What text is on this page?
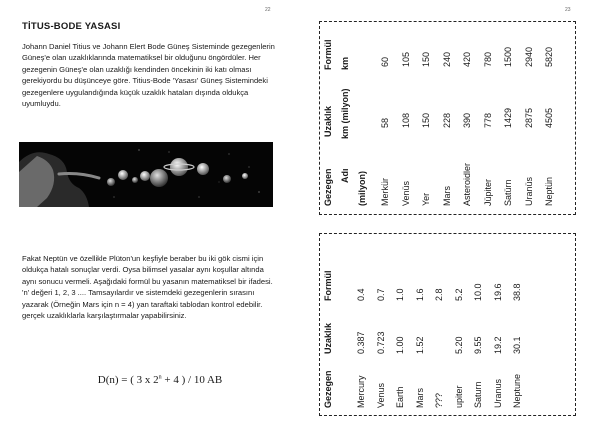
22	23
TİTUS-BODE YASASI

Johann Daniel Titius ve Johann Elert Bode Güneş Sisteminde gezegenlerin Güneş'e olan uzaklıklarında matematiksel bir olduğunu öngördüler. Her gezegenin Güneş'e olan uzaklığı kendinden öncekinin iki katı olması gerekiyordu bu düşünceye göre. Titius-Bode 'Yasası' Güneş Sistemindeki gezegenlere uygulandığında küçük uzaklık hataları dışında oldukça uyumluydu.

Fakat Neptün ve özellikle Plüton'un keşfiyle beraber bu iki gök cismi için oldukça hatalı sonuçlar verdi. Oysa bilimsel yasalar aynı koşullar altında aynı sonucu vermeli. Aşağıdaki formül bu yasanın matematiksel bir ifadesi. 'n' değeri 1, 2, 3 .... Tamsayılardır ve sistemdeki gezegenlerin sırasını yazarak (Örneğin Mars için n = 4) yan taraftaki tablodan kontrol edebilir. gerçek uzaklıklarla karşılaştırmalar yapabilirsiniz.

D(n) = ( 3 x $2^n + 4$ ) / 10 AB
Gezegen Adı (milyon)
Uzaklık km (milyon)
Formül km
Merkür
58
60
Venüs
108
105
Yer
150
150
Mars
228
240
Asteroidler
390
420
Jüpiter
778
780
Satürn
1429
1500
Uranüs
2875
2940
Neptün
4505
5820
Gezegen
Uzaklık
Formül
Mercury
0.387
0.4
Venus
0.723
0.7
Earth
1.00
1.0
Mars
1.52
1.6
???
2.8
upiter
5.20
5.2
Saturn
9.55
10.0
Uranus
19.2
19.6
Neptune
30.1
38.8
